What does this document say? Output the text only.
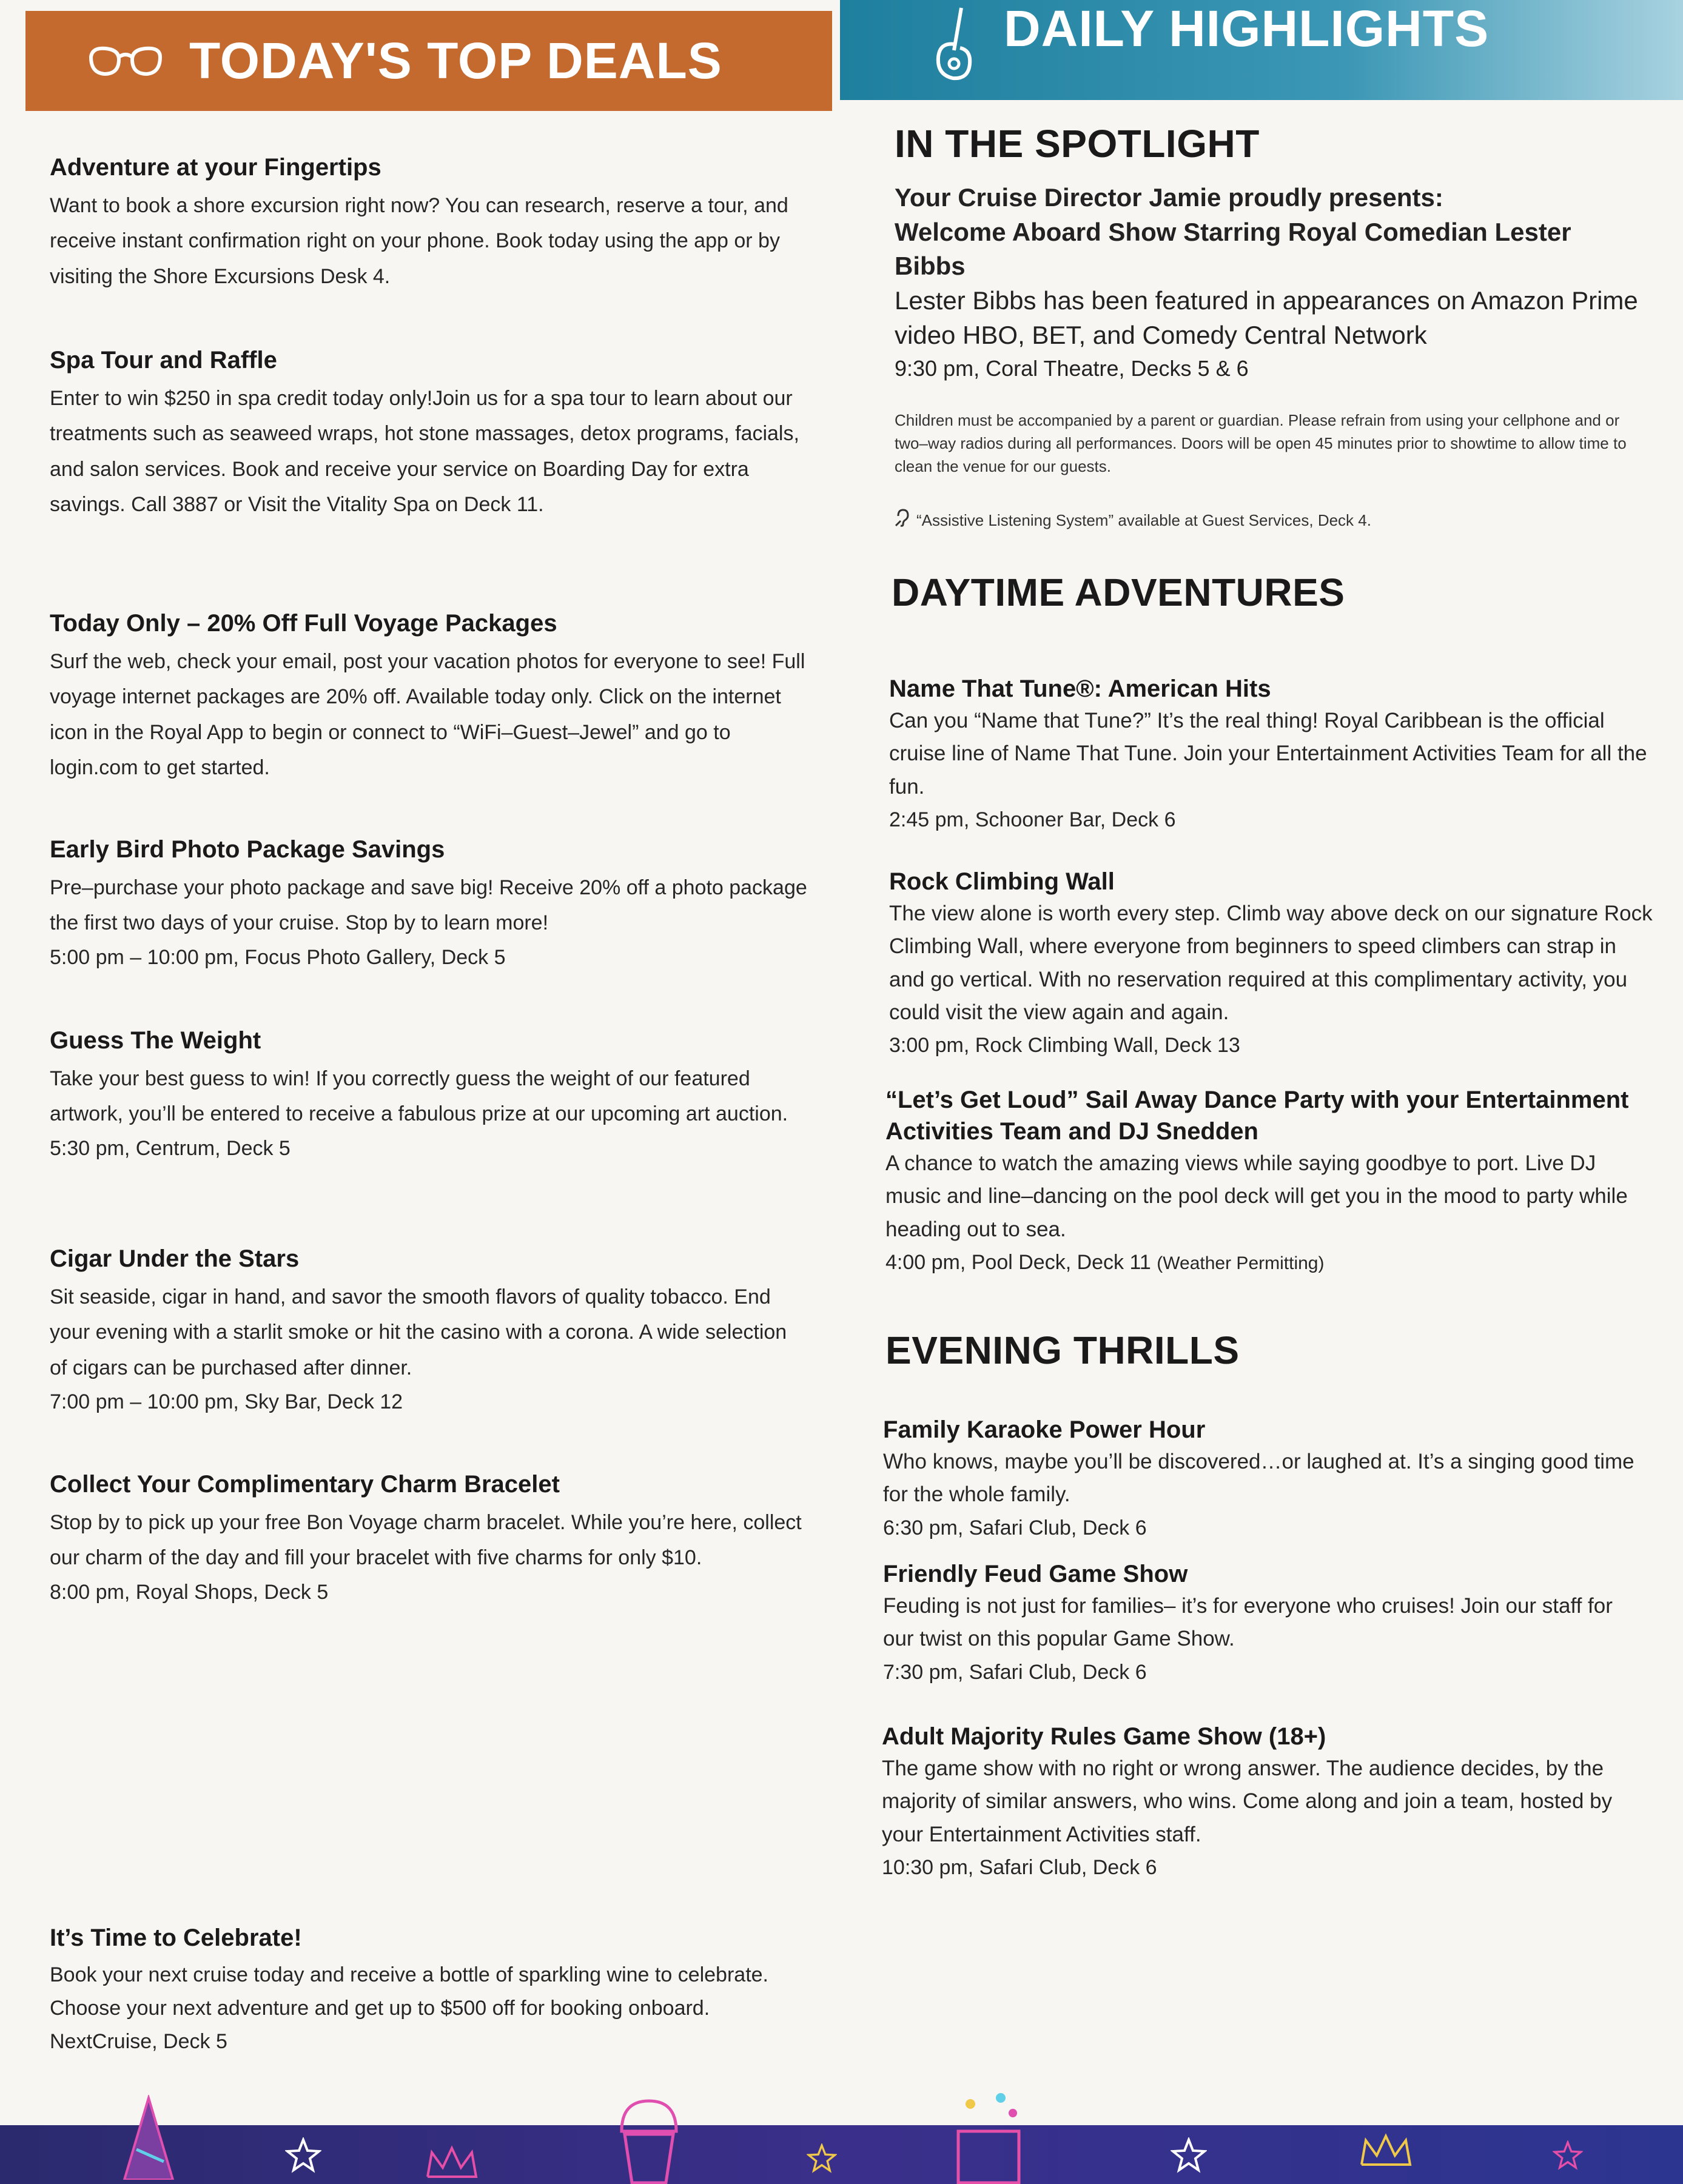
TODAY'S TOP DEALS
DAILY HIGHLIGHTS
Adventure at your Fingertips
Want to book a shore excursion right now? You can research, reserve a tour, and receive instant confirmation right on your phone. Book today using the app or by visiting the Shore Excursions Desk 4.
Spa Tour and Raffle
Enter to win $250 in spa credit today only!Join us for a spa tour to learn about our treatments such as seaweed wraps, hot stone massages, detox programs, facials, and salon services. Book and receive your service on Boarding Day for extra savings. Call 3887 or Visit the Vitality Spa on Deck 11.
Today Only – 20% Off Full Voyage Packages
Surf the web, check your email, post your vacation photos for everyone to see! Full voyage internet packages are 20% off. Available today only. Click on the internet icon in the Royal App to begin or connect to “WiFi–Guest–Jewel” and go to login.com to get started.
Early Bird Photo Package Savings
Pre–purchase your photo package and save big! Receive 20% off a photo package the first two days of your cruise. Stop by to learn more!
5:00 pm – 10:00 pm, Focus Photo Gallery, Deck 5
Guess The Weight
Take your best guess to win! If you correctly guess the weight of our featured artwork, you’ll be entered to receive a fabulous prize at our upcoming art auction.
5:30 pm, Centrum, Deck 5
Cigar Under the Stars
Sit seaside, cigar in hand, and savor the smooth flavors of quality tobacco. End your evening with a starlit smoke or hit the casino with a corona. A wide selection of cigars can be purchased after dinner.
7:00 pm – 10:00 pm, Sky Bar, Deck 12
Collect Your Complimentary Charm Bracelet
Stop by to pick up your free Bon Voyage charm bracelet. While you’re here, collect our charm of the day and fill your bracelet with five charms for only $10.
8:00 pm, Royal Shops, Deck 5
It’s Time to Celebrate!
Book your next cruise today and receive a bottle of sparkling wine to celebrate. Choose your next adventure and get up to $500 off for booking onboard.
NextCruise, Deck 5
IN THE SPOTLIGHT
Your Cruise Director Jamie proudly presents:
Welcome Aboard Show Starring Royal Comedian Lester Bibbs
Lester Bibbs has been featured in appearances on Amazon Prime video HBO, BET, and Comedy Central Network
9:30 pm, Coral Theatre, Decks 5 & 6
Children must be accompanied by a parent or guardian. Please refrain from using your cellphone and or two–way radios during all performances. Doors will be open 45 minutes prior to showtime to allow time to clean the venue for our guests.
“Assistive Listening System” available at Guest Services, Deck 4.
DAYTIME ADVENTURES
Name That Tune®: American Hits
Can you “Name that Tune?” It’s the real thing! Royal Caribbean is the official cruise line of Name That Tune. Join your Entertainment Activities Team for all the fun.
2:45 pm, Schooner Bar, Deck 6
Rock Climbing Wall
The view alone is worth every step. Climb way above deck on our signature Rock Climbing Wall, where everyone from beginners to speed climbers can strap in and go vertical. With no reservation required at this complimentary activity, you could visit the view again and again.
3:00 pm, Rock Climbing Wall, Deck 13
“Let’s Get Loud” Sail Away Dance Party with your Entertainment Activities Team and DJ Snedden
A chance to watch the amazing views while saying goodbye to port. Live DJ music and line–dancing on the pool deck will get you in the mood to party while heading out to sea.
4:00 pm, Pool Deck, Deck 11 (Weather Permitting)
EVENING THRILLS
Family Karaoke Power Hour
Who knows, maybe you’ll be discovered…or laughed at. It’s a singing good time for the whole family.
6:30 pm, Safari Club, Deck 6
Friendly Feud Game Show
Feuding is not just for families– it’s for everyone who cruises! Join our staff for our twist on this popular Game Show.
7:30 pm, Safari Club, Deck 6
Adult Majority Rules Game Show (18+)
The game show with no right or wrong answer. The audience decides, by the majority of similar answers, who wins. Come along and join a team, hosted by your Entertainment Activities staff.
10:30 pm, Safari Club, Deck 6
